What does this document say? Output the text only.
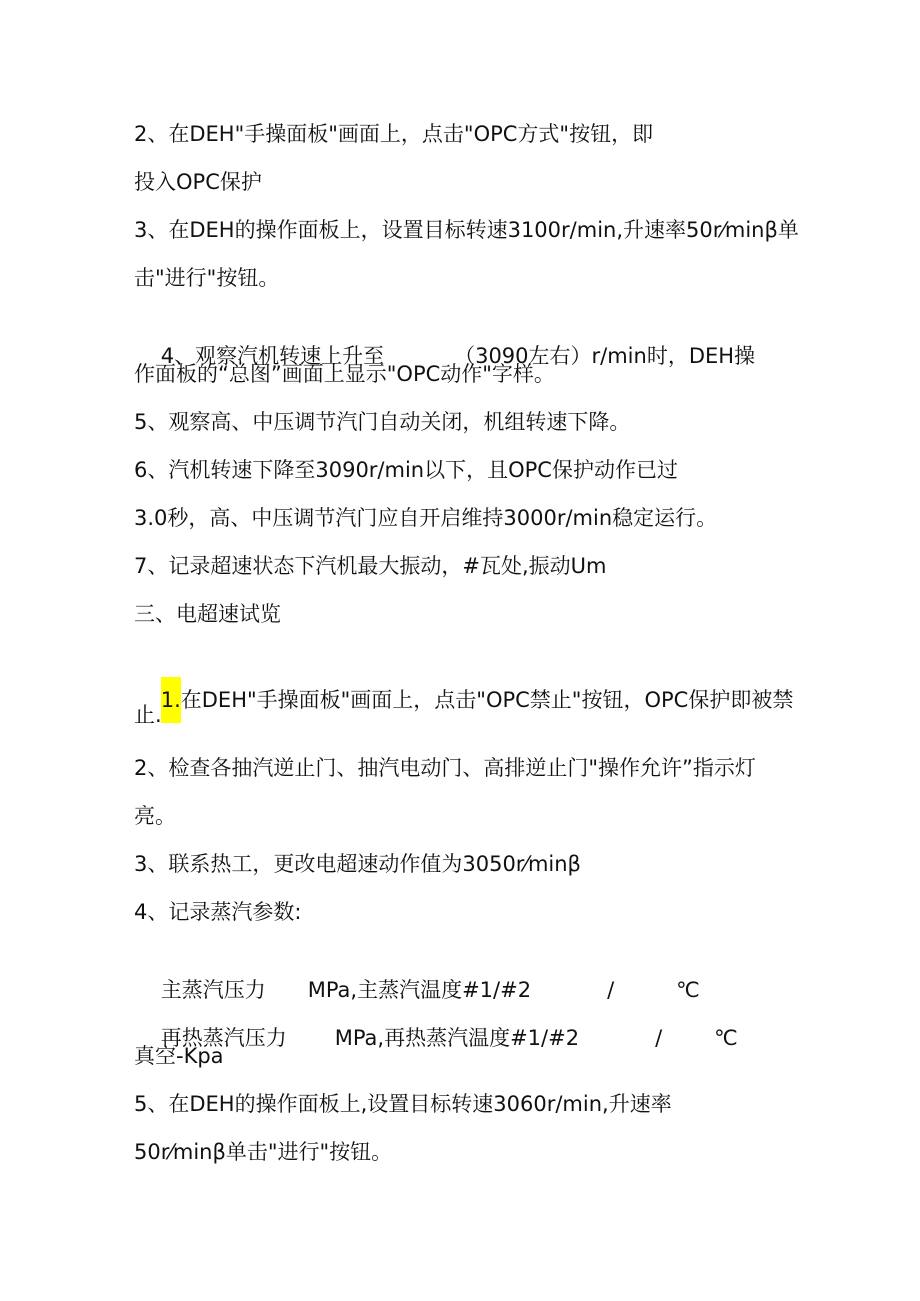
2、在DEH"手操面板"画面上，点击"OPC方式"按钮，即
投入OPC保护
3、在DEH的操作面板上，设置目标转速3100r/min,升速率50r⁄minβ单
击"进行"按钮。

4、观察汽机转速上升至	（3090左右）r/min时，DEH操

作面板的“总图”画面上显示"OPC动作"字样。
5、观察高、中压调节汽门自动关闭，机组转速下降。
6、汽机转速下降至3090r/min以下，且OPC保护动作已过
3.0秒，高、中压调节汽门应自开启维持3000r/min稳定运行。
7、记录超速状态下汽机最大振动，#瓦处,振动Um
三、电超速试览

1.在DEH"手操面板"画面上，点击"OPC禁止"按钮，OPC保护即被禁

止.
2、检查各抽汽逆止门、抽汽电动门、高排逆止门"操作允许”指示灯
亮。
3、联系热工，更改电超速动作值为3050r⁄minβ
4、记录蒸汽参数:

主蒸汽压力 MPa,主蒸汽温度#1/#2	/	℃

再热蒸汽压力 MPa,再热蒸汽温度#1/#2	/ ℃

真空-Kpa
5、在DEH的操作面板上,设置目标转速3060r/min,升速率
50r⁄minβ单击"进行"按钮。
